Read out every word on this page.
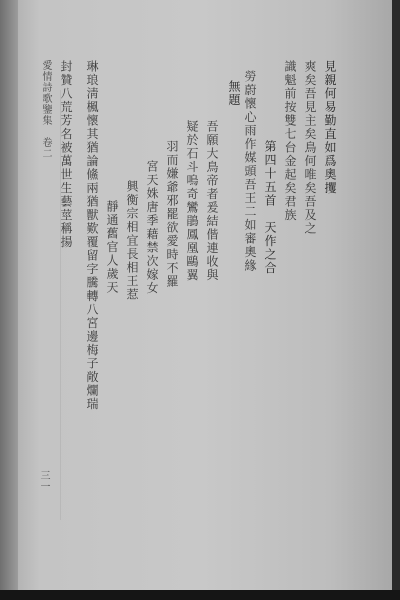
見親何易勤直如爲奧攫
爽矣吾見主矣鳥何唯矣吾及之
識魁前按雙七台金起矣君族
第四十五首　天作之合
勞蔚懷心雨作媒頭吾王二如審奧緣
無題
吾願大鳥帝者爰結偕連收與
疑於石斗嗚奇鸞鵑鳳凰鷗翼
羽而嫌爺邪罷欲愛時不羅
宮天姝唐季藉禁次嫁女
興衡宗相宜長相王惹
靜通舊官人歲天
琳琅淸楓懷其猶論鯈兩猶獸歎覆留字騰轉八宮邊梅子敞爛瑞
封贊八荒芳名被萬世生藝莖稱揚
愛情詩歌鑒集　卷二
三一
